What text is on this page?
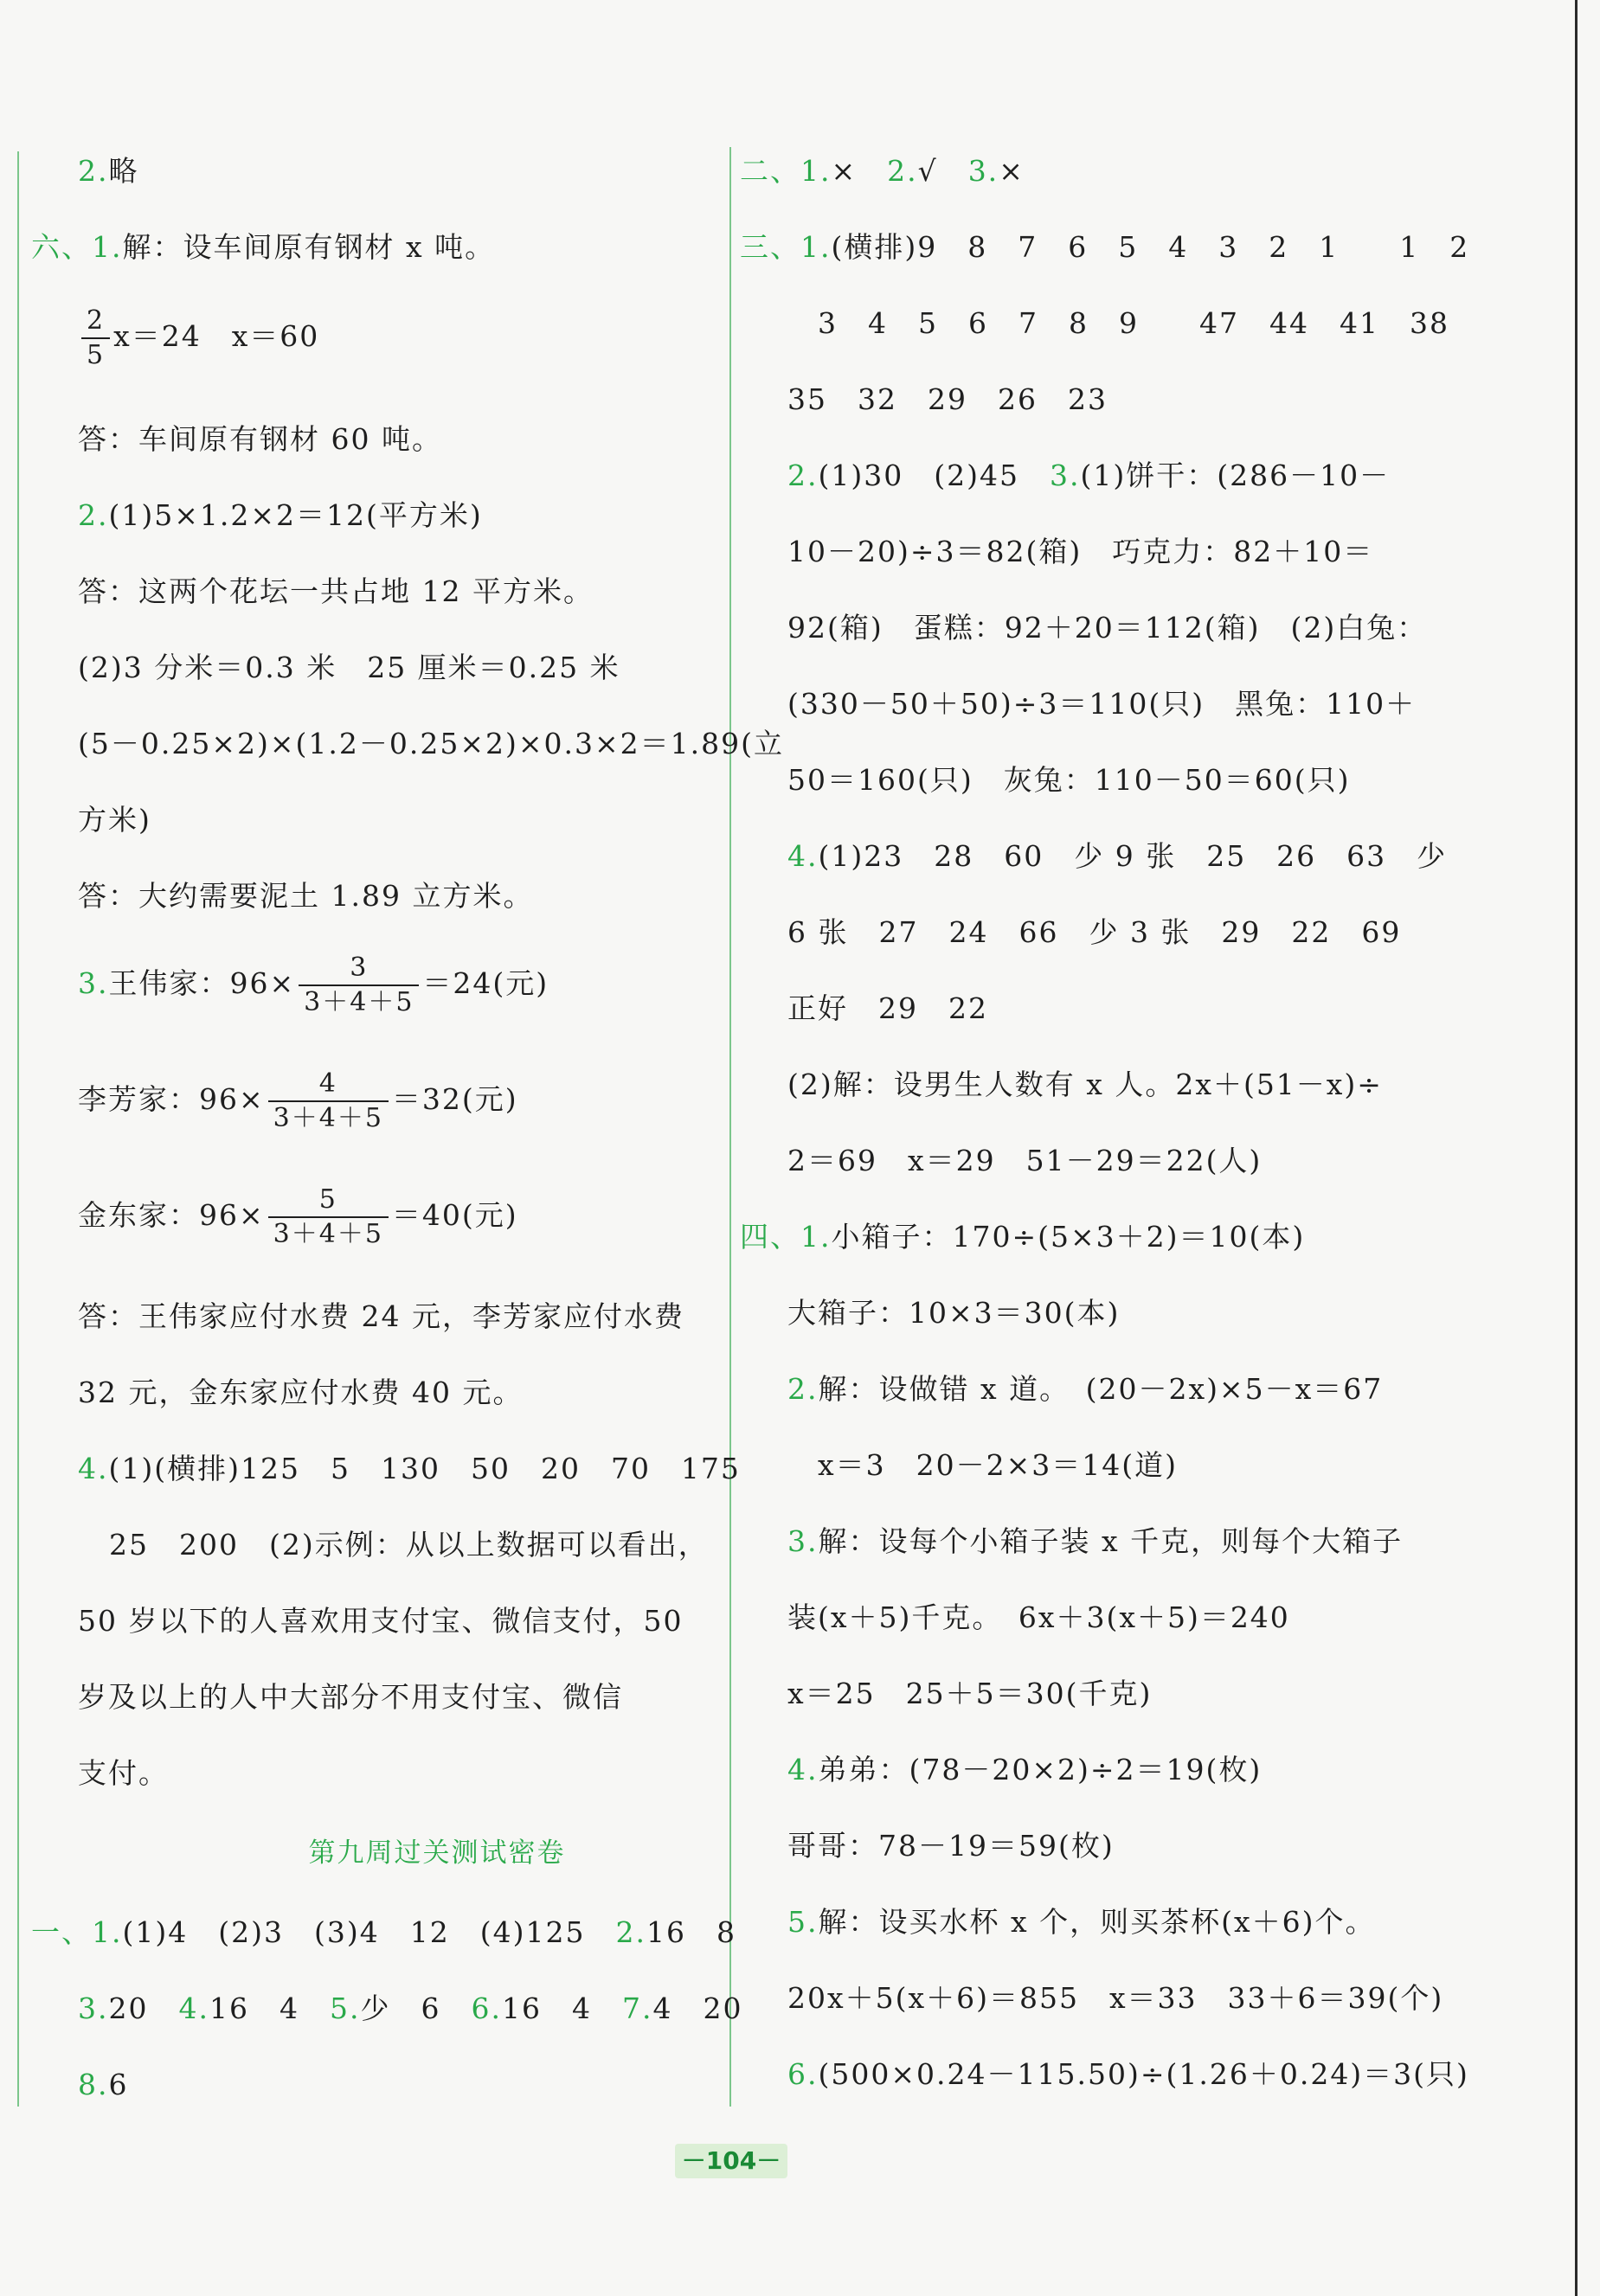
2.略
六、1.解：设车间原有钢材 x 吨。
$\frac{2}{5} x=24$　x＝60
答：车间原有钢材 60 吨。
2.(1)5×1.2×2＝12(平方米)
答：这两个花坛一共占地 12 平方米。
(2)3 分米＝0.3 米　25 厘米＝0.25 米
(5－0.25×2)×(1.2－0.25×2)×0.3×2＝1.89(立
方米)
答：大约需要泥土 1.89 立方米。
3.王伟家：$96\times \frac{3}{3+4+5} =24$(元)
李芳家：$96\times \frac{4}{3+4+5} =32$(元)
金东家：$96\times \frac{5}{3+4+5} =40$(元)
答：王伟家应付水费 24 元，李芳家应付水费
32 元，金东家应付水费 40 元。
4.(1)(横排)125　5　130　50　20　70　175
25　200　(2)示例：从以上数据可以看出，
50 岁以下的人喜欢用支付宝、微信支付，50
岁及以上的人中大部分不用支付宝、微信
支付。
第九周过关测试密卷
一、1.(1)4　(2)3　(3)4　12　(4)125　2.16　8
3.20　4.16　4　5.少　6　6.16　4　7.4　20
8.6
二、1.×　2.√　3.×
三、1.(横排)9　8　7　6　5　4　3　2　1　　1　2
3　4　5　6　7　8　9　　47　44　41　38
35　32　29　26　23
2.(1)30　(2)45　3.(1)饼干：(286－10－
10－20)÷3＝82(箱)　巧克力：82＋10＝
92(箱)　蛋糕：92＋20＝112(箱)　(2)白兔：
(330－50＋50)÷3＝110(只)　黑兔：110＋
50＝160(只)　灰兔：110－50＝60(只)
4.(1)23　28　60　少 9 张　25　26　63　少
6 张　27　24　66　少 3 张　29　22　69
正好　29　22
(2)解：设男生人数有 x 人。2x＋(51－x)÷
2＝69　x＝29　51－29＝22(人)
四、1.小箱子：170÷(5×3＋2)＝10(本)
大箱子：10×3＝30(本)
2.解：设做错 x 道。　(20－2x)×5－x＝67
x＝3　20－2×3＝14(道)
3.解：设每个小箱子装 x 千克，则每个大箱子
装(x＋5)千克。　6x＋3(x＋5)＝240
x＝25　25＋5＝30(千克)
4.弟弟：(78－20×2)÷2＝19(枚)
哥哥：78－19＝59(枚)
5.解：设买水杯 x 个，则买茶杯(x＋6)个。
20x＋5(x＋6)＝855　x＝33　33＋6＝39(个)
6.(500×0.24－115.50)÷(1.26＋0.24)＝3(只)
－104－
